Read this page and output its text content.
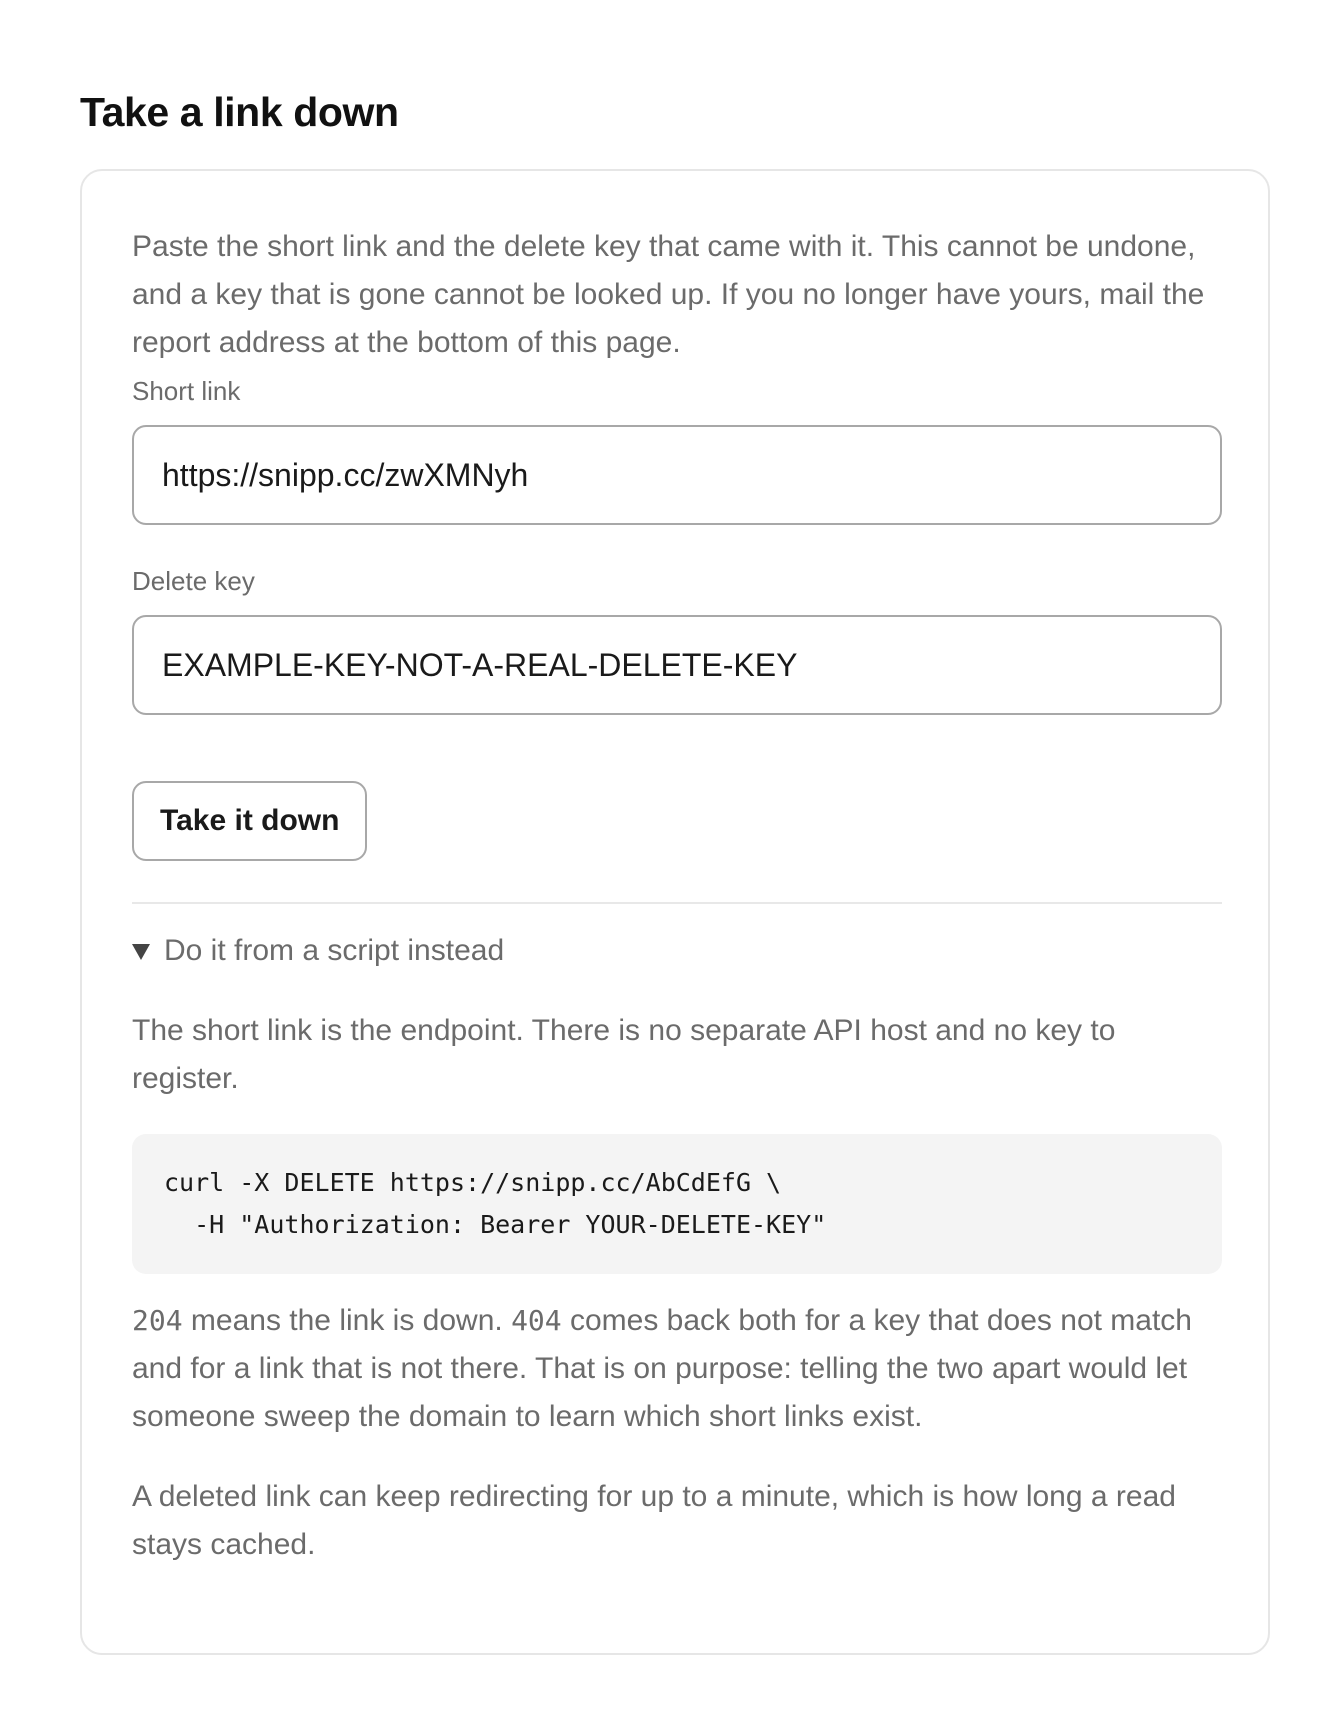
Take a link down

Paste the short link and the delete key that came with it. This cannot be undone, and a key that is gone cannot be looked up. If you no longer have yours, mail the report address at the bottom of this page.

Short link
https://snipp.cc/zwXMNyh
Delete key
EXAMPLE-KEY-NOT-A-REAL-DELETE-KEY
Take it down
Do it from a script instead

The short link is the endpoint. There is no separate API host and no key to register.

curl -X DELETE https://snipp.cc/AbCdEfG \
-H "Authorization: Bearer YOUR-DELETE-KEY"

204 means the link is down. 404 comes back both for a key that does not match and for a link that is not there. That is on purpose: telling the two apart would let someone sweep the domain to learn which short links exist.

A deleted link can keep redirecting for up to a minute, which is how long a read stays cached.
